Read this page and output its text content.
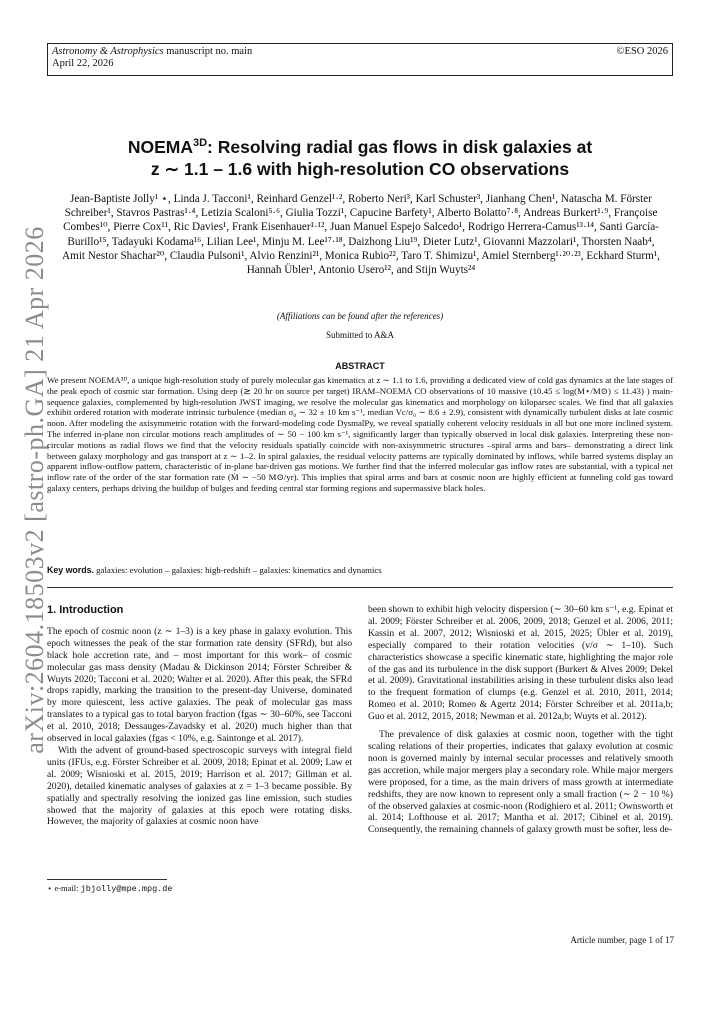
Astronomy & Astrophysics manuscript no. main
April 22, 2026
©ESO 2026
arXiv:2604.18503v2 [astro-ph.GA] 21 Apr 2026
$NOEMA^{3D}$: Resolving radial gas flows in disk galaxies at
z ∼ 1.1 – 1.6 with high-resolution CO observations
Jean-Baptiste Jolly¹ ⋆, Linda J. Tacconi¹, Reinhard Genzel¹·², Roberto Neri³, Karl Schuster³, Jianhang Chen¹, Natascha M. Förster Schreiber¹, Stavros Pastras¹·⁴, Letizia Scaloni⁵·⁶, Giulia Tozzi¹, Capucine Barfety¹, Alberto Bolatto⁷·⁸, Andreas Burkert¹·⁹, Françoise Combes¹⁰, Pierre Cox¹¹, Ric Davies¹, Frank Eisenhauer¹·¹², Juan Manuel Espejo Salcedo¹, Rodrigo Herrera-Camus¹³·¹⁴, Santi García-Burillo¹⁵, Tadayuki Kodama¹⁶, Lilian Lee¹, Minju M. Lee¹⁷·¹⁸, Daizhong Liu¹⁹, Dieter Lutz¹, Giovanni Mazzolari¹, Thorsten Naab⁴, Amit Nestor Shachar²⁰, Claudia Pulsoni¹, Alvio Renzini²¹, Monica Rubio²², Taro T. Shimizu¹, Amiel Sternberg¹·²⁰·²³, Eckhard Sturm¹, Hannah Übler¹, Antonio Usero¹², and Stijn Wuyts²⁴
(Affiliations can be found after the references)
Submitted to A&A
ABSTRACT
We present NOEMA³ᴰ, a unique high-resolution study of purely molecular gas kinematics at z ∼ 1.1 to 1.6, providing a dedicated view of cold gas dynamics at the late stages of the peak epoch of cosmic star formation. Using deep (≳ 20 hr on source per target) IRAM–NOEMA CO observations of 10 massive (10.45 ≤ log(M⋆/M⊙) ≤ 11.43) ) main-sequence galaxies, complemented by high-resolution JWST imaging, we resolve the molecular gas kinematics and morphology on kiloparsec scales. We find that all galaxies exhibit ordered rotation with moderate intrinsic turbulence (median σ₀ ∼ 32 ± 10 km s⁻¹, median Vc/σ₀ ∼ 8.6 ± 2.9), consistent with dynamically turbulent disks at late cosmic noon. After modeling the axisymmetric rotation with the forward-modeling code DysmalPy, we reveal spatially coherent velocity residuals in all but one more inclined system. The inferred in-plane non circular motions reach amplitudes of ∼ 50 − 100 km s⁻¹, significantly larger than typically observed in local disk galaxies. Interpreting these non-circular motions as radial flows we find that the velocity residuals spatially coincide with non-axisymmetric structures –spiral arms and bars– demonstrating a direct link between galaxy morphology and gas transport at z ∼ 1–2. In spiral galaxies, the residual velocity patterns are typically dominated by inflows, while barred systems display an apparent inflow-outflow pattern, characteristic of in-plane bar-driven gas motions. We further find that the inferred molecular gas inflow rates are substantial, with a typical net inflow rate of the order of the star formation rate (Ṁ ∼ −50 M⊙/yr). This implies that spiral arms and bars at cosmic noon are highly efficient at funneling cold gas toward galaxy centers, perhaps driving the buildup of bulges and feeding central star forming regions and supermassive black holes.
Key words. galaxies: evolution – galaxies: high-redshift – galaxies: kinematics and dynamics
1. Introduction

The epoch of cosmic noon (z ∼ 1–3) is a key phase in galaxy evolution. This epoch witnesses the peak of the star formation rate density (SFRd), but also black hole accretion rate, and – most important for this work– of cosmic molecular gas mass density (Madau & Dickinson 2014; Förster Schreiber & Wuyts 2020; Tacconi et al. 2020; Walter et al. 2020). After this peak, the SFRd drops rapidly, marking the transition to the present-day Universe, dominated by more quiescent, less active galaxies. The peak of molecular gas mass translates to a typical gas to total baryon fraction (fgas ∼ 30–60%, see Tacconi et al. 2010, 2018; Dessauges-Zavadsky et al. 2020) much higher than that observed in local galaxies (fgas < 10%, e.g. Saintonge et al. 2017).

With the advent of ground-based spectroscopic surveys with integral field units (IFUs, e.g. Förster Schreiber et al. 2009, 2018; Epinat et al. 2009; Law et al. 2009; Wisnioski et al. 2015, 2019; Harrison et al. 2017; Gillman et al. 2020), detailed kinematic analyses of galaxies at z = 1–3 became possible. By spatially and spectrally resolving the ionized gas line emission, such studies showed that the majority of galaxies at this epoch were rotating disks. However, the majority of galaxies at cosmic noon have

been shown to exhibit high velocity dispersion (∼ 30–60 km s⁻¹, e.g. Epinat et al. 2009; Förster Schreiber et al. 2006, 2009, 2018; Genzel et al. 2006, 2011; Kassin et al. 2007, 2012; Wisnioski et al. 2015, 2025; Übler et al. 2019), especially compared to their rotation velocities (v/σ ∼ 1–10). Such characteristics showcase a specific kinematic state, highlighting the major role of the gas and its turbulence in the disk support (Burkert & Alves 2009; Dekel et al. 2009). Gravitational instabilities arising in these turbulent disks also lead to the frequent formation of clumps (e.g. Genzel et al. 2010, 2011, 2014; Romeo et al. 2010; Romeo & Agertz 2014; Förster Schreiber et al. 2011a,b; Guo et al. 2012, 2015, 2018; Newman et al. 2012a,b; Wuyts et al. 2012).

The prevalence of disk galaxies at cosmic noon, together with the tight scaling relations of their properties, indicates that galaxy evolution at cosmic noon is governed mainly by internal secular processes and relatively smooth gas accretion, while major mergers play a secondary role. While major mergers were proposed, for a time, as the main drivers of mass growth at intermediate redshifts, they are now known to represent only a small fraction (∼ 2 − 10 %) of the observed galaxies at cosmic-noon (Rodighiero et al. 2011; Ownsworth et al. 2014; Lofthouse et al. 2017; Mantha et al. 2017; Cibinel et al. 2019). Consequently, the remaining channels of galaxy growth must be softer, less de-

⋆ e-mail: jbjolly@mpe.mpg.de
Article number, page 1 of 17
